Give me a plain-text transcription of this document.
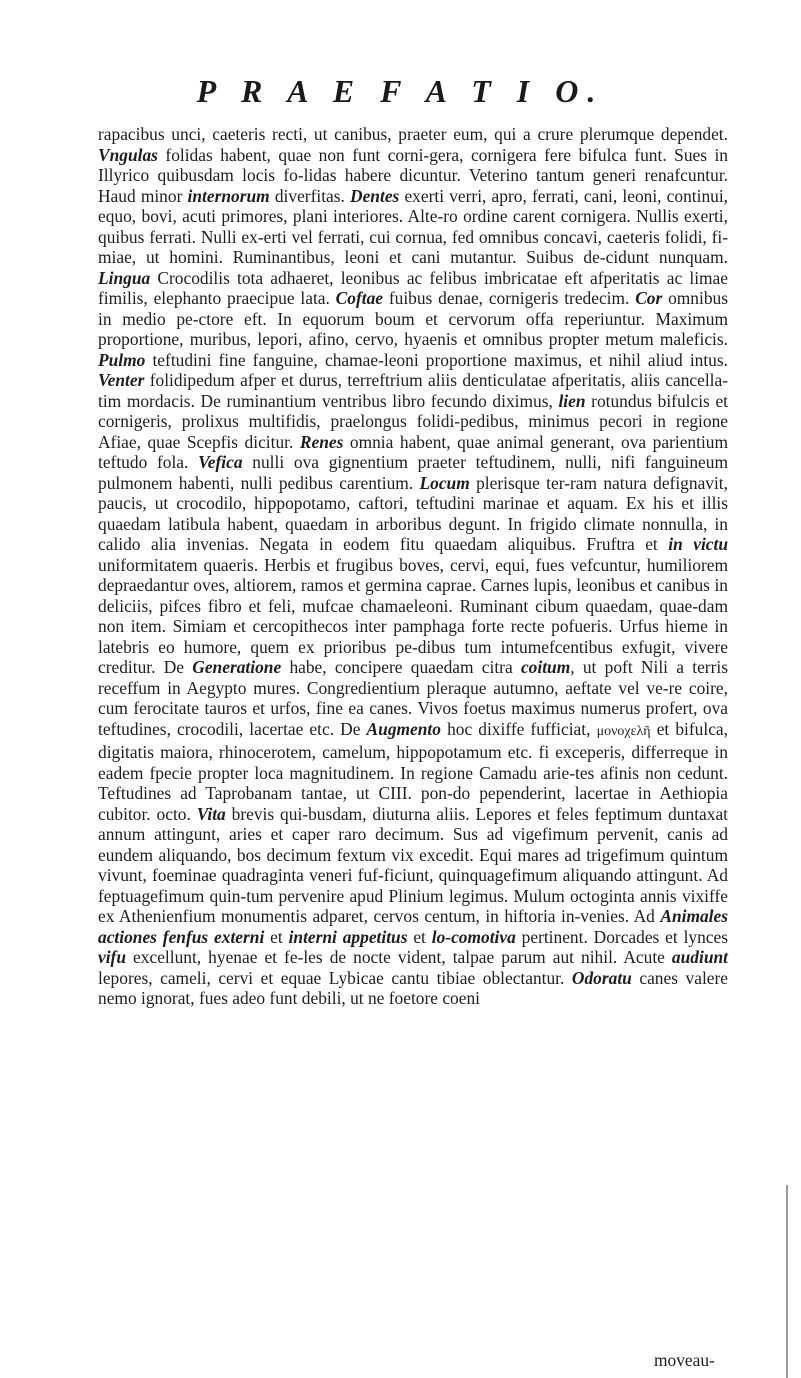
P R A E F A T I O.

rapacibus unci, caeteris recti, ut canibus, praeter eum, qui a crure plerumque dependet. Vngulas folidas habent, quae non funt corni-gera, cornigera fere bifulca funt. Sues in Illyrico quibusdam locis fo-lidas habere dicuntur. Veterino tantum generi renafcuntur. Haud minor internorum diverfitas. Dentes exerti verri, apro, ferrati, cani, leoni, continui, equo, bovi, acuti primores, plani interiores. Alte-ro ordine carent cornigera. Nullis exerti, quibus ferrati. Nulli ex-erti vel ferrati, cui cornua, fed omnibus concavi, caeteris folidi, fi-miae, ut homini. Ruminantibus, leoni et cani mutantur. Suibus de-cidunt nunquam. Lingua Crocodilis tota adhaeret, leonibus ac felibus imbricatae eft afperitatis ac limae fimilis, elephanto praecipue lata. Coftae fuibus denae, cornigeris tredecim. Cor omnibus in medio pe-ctore eft. In equorum boum et cervorum offa reperiuntur. Maximum proportione, muribus, lepori, afino, cervo, hyaenis et omnibus propter metum maleficis. Pulmo teftudini fine fanguine, chamae-leoni proportione maximus, et nihil aliud intus. Venter folidipedum afper et durus, terreftrium aliis denticulatae afperitatis, aliis cancella-tim mordacis. De ruminantium ventribus libro fecundo diximus, lien rotundus bifulcis et cornigeris, prolixus multifidis, praelongus folidi-pedibus, minimus pecori in regione Afiae, quae Scepfis dicitur. Renes omnia habent, quae animal generant, ova parientium teftudo fola. Vefica nulli ova gignentium praeter teftudinem, nulli, nifi fanguineum pulmonem habenti, nulli pedibus carentium. Locum plerisque ter-ram natura defignavit, paucis, ut crocodilo, hippopotamo, caftori, teftudini marinae et aquam. Ex his et illis quaedam latibula habent, quaedam in arboribus degunt. In frigido climate nonnulla, in calido alia invenias. Negata in eodem fitu quaedam aliquibus. Fruftra et in victu uniformitatem quaeris. Herbis et frugibus boves, cervi, equi, fues vefcuntur, humiliorem depraedantur oves, altiorem, ramos et germina caprae. Carnes lupis, leonibus et canibus in deliciis, pifces fibro et feli, mufcae chamaeleoni. Ruminant cibum quaedam, quae-dam non item. Simiam et cercopithecos inter pamphaga forte recte pofueris. Urfus hieme in latebris eo humore, quem ex prioribus pe-dibus tum intumefcentibus exfugit, vivere creditur. De Generatione habe, concipere quaedam citra coitum, ut poft Nili a terris receffum in Aegypto mures. Congredientium pleraque autumno, aeftate vel ve-re coire, cum ferocitate tauros et urfos, fine ea canes. Vivos foetus maximus numerus profert, ova teftudines, crocodili, lacertae etc. De Augmento hoc dixiffe fufficiat, μονοχελῆ et bifulca, digitatis maiora, rhinocerotem, camelum, hippopotamum etc. fi exceperis, differreque in eadem fpecie propter loca magnitudinem. In regione Camadu arie-tes afinis non cedunt. Teftudines ad Taprobanam tantae, ut CIII. pon-do pependerint, lacertae in Aethiopia cubitor. octo. Vita brevis qui-busdam, diuturna aliis. Lepores et feles feptimum duntaxat annum attingunt, aries et caper raro decimum. Sus ad vigefimum pervenit, canis ad eundem aliquando, bos decimum fextum vix excedit. Equi mares ad trigefimum quintum vivunt, foeminae quadraginta veneri fuf-ficiunt, quinquagefimum aliquando attingunt. Ad feptuagefimum quin-tum pervenire apud Plinium legimus. Mulum octoginta annis vixiffe ex Athenienfium monumentis adparet, cervos centum, in hiftoria in-venies. Ad Animales actiones fenfus externi et interni appetitus et lo-comotiva pertinent. Dorcades et lynces vifu excellunt, hyenae et fe-les de nocte vident, talpae parum aut nihil. Acute audiunt lepores, cameli, cervi et equae Lybicae cantu tibiae oblectantur. Odoratu canes valere nemo ignorat, fues adeo funt debili, ut ne foetore coeni

moveau-
